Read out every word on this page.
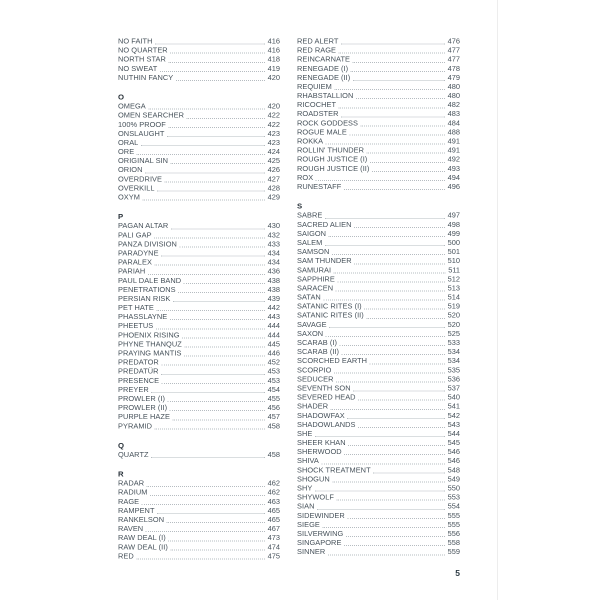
NO FAITH	416
NO QUARTER	416
NORTH STAR	418
NO SWEAT	419
NUTHIN FANCY	420
O
OMEGA	420
OMEN SEARCHER	422
100% PROOF	422
ONSLAUGHT	423
ORAL	423
ORE	424
ORIGINAL SIN	425
ORION	426
OVERDRIVE	427
OVERKILL	428
OXYM	429
P
PAGAN ALTAR	430
PALI GAP	432
PANZA DIVISION	433
PARADYNE	434
PARALEX	434
PARIAH	436
PAUL DALE BAND	438
PENETRATIONS	438
PERSIAN RISK	439
PET HATE	442
PHASSLAYNE	443
PHEETUS	444
PHOENIX RISING	444
PHYNE THANQUZ	445
PRAYING MANTIS	446
PREDATOR	452
PREDATÜR	453
PRESENCE	453
PREYER	454
PROWLER (I)	455
PROWLER (II)	456
PURPLE HAZE	457
PYRAMID	458
Q
QUARTZ	458
R
RADAR	462
RADIUM	462
RAGE	463
RAMPENT	465
RANKELSON	465
RAVEN	467
RAW DEAL (I)	473
RAW DEAL (II)	474
RED	475
RED ALERT	476
RED RAGE	477
REINCARNATE	477
RENEGADE (I)	478
RENEGADE (II)	479
REQUIEM	480
RHABSTALLION	480
RICOCHET	482
ROADSTER	483
ROCK GODDESS	484
ROGUE MALE	488
ROKKA	491
ROLLIN' THUNDER	491
ROUGH JUSTICE (I)	492
ROUGH JUSTICE (II)	493
ROX	494
RUNESTAFF	496
S
SABRE	497
SACRED ALIEN	498
SAIGON	499
SALEM	500
SAMSON	501
SAM THUNDER	510
SAMURAI	511
SAPPHIRE	512
SARACEN	513
SATAN	514
SATANIC RITES (I)	519
SATANIC RITES (II)	520
SAVAGE	520
SAXON	525
SCARAB (I)	533
SCARAB (II)	534
SCORCHED EARTH	534
SCORPIO	535
SEDUCER	536
SEVENTH SON	537
SEVERED HEAD	540
SHADER	541
SHADOWFAX	542
SHADOWLANDS	543
SHE	544
SHEER KHAN	545
SHERWOOD	546
SHIVA	546
SHOCK TREATMENT	548
SHOGUN	549
SHY	550
SHYWOLF	553
SIAN	554
SIDEWINDER	555
SIEGE	555
SILVERWING	556
SINGAPORE	558
SINNER	559
5
